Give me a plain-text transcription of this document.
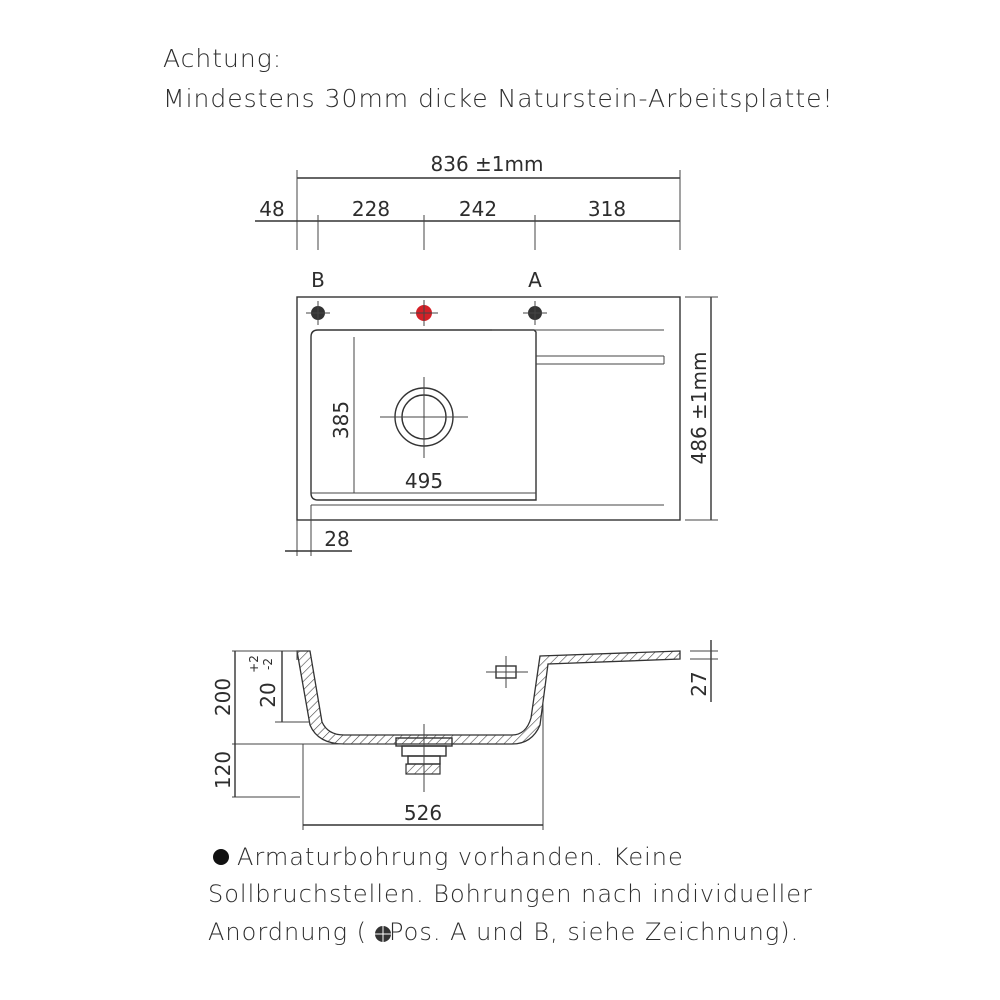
Achtung:
Mindestens 30mm dicke Naturstein-Arbeitsplatte!
836 ±1mm
48	228	242	318
B	A
385
495
486 ±1mm
28
200 20
+2 -2
120
526
27
Armaturbohrung vorhanden. Keine
Sollbruchstellen. Bohrungen nach individueller
Anordnung ( Pos. A und B, siehe Zeichnung).
